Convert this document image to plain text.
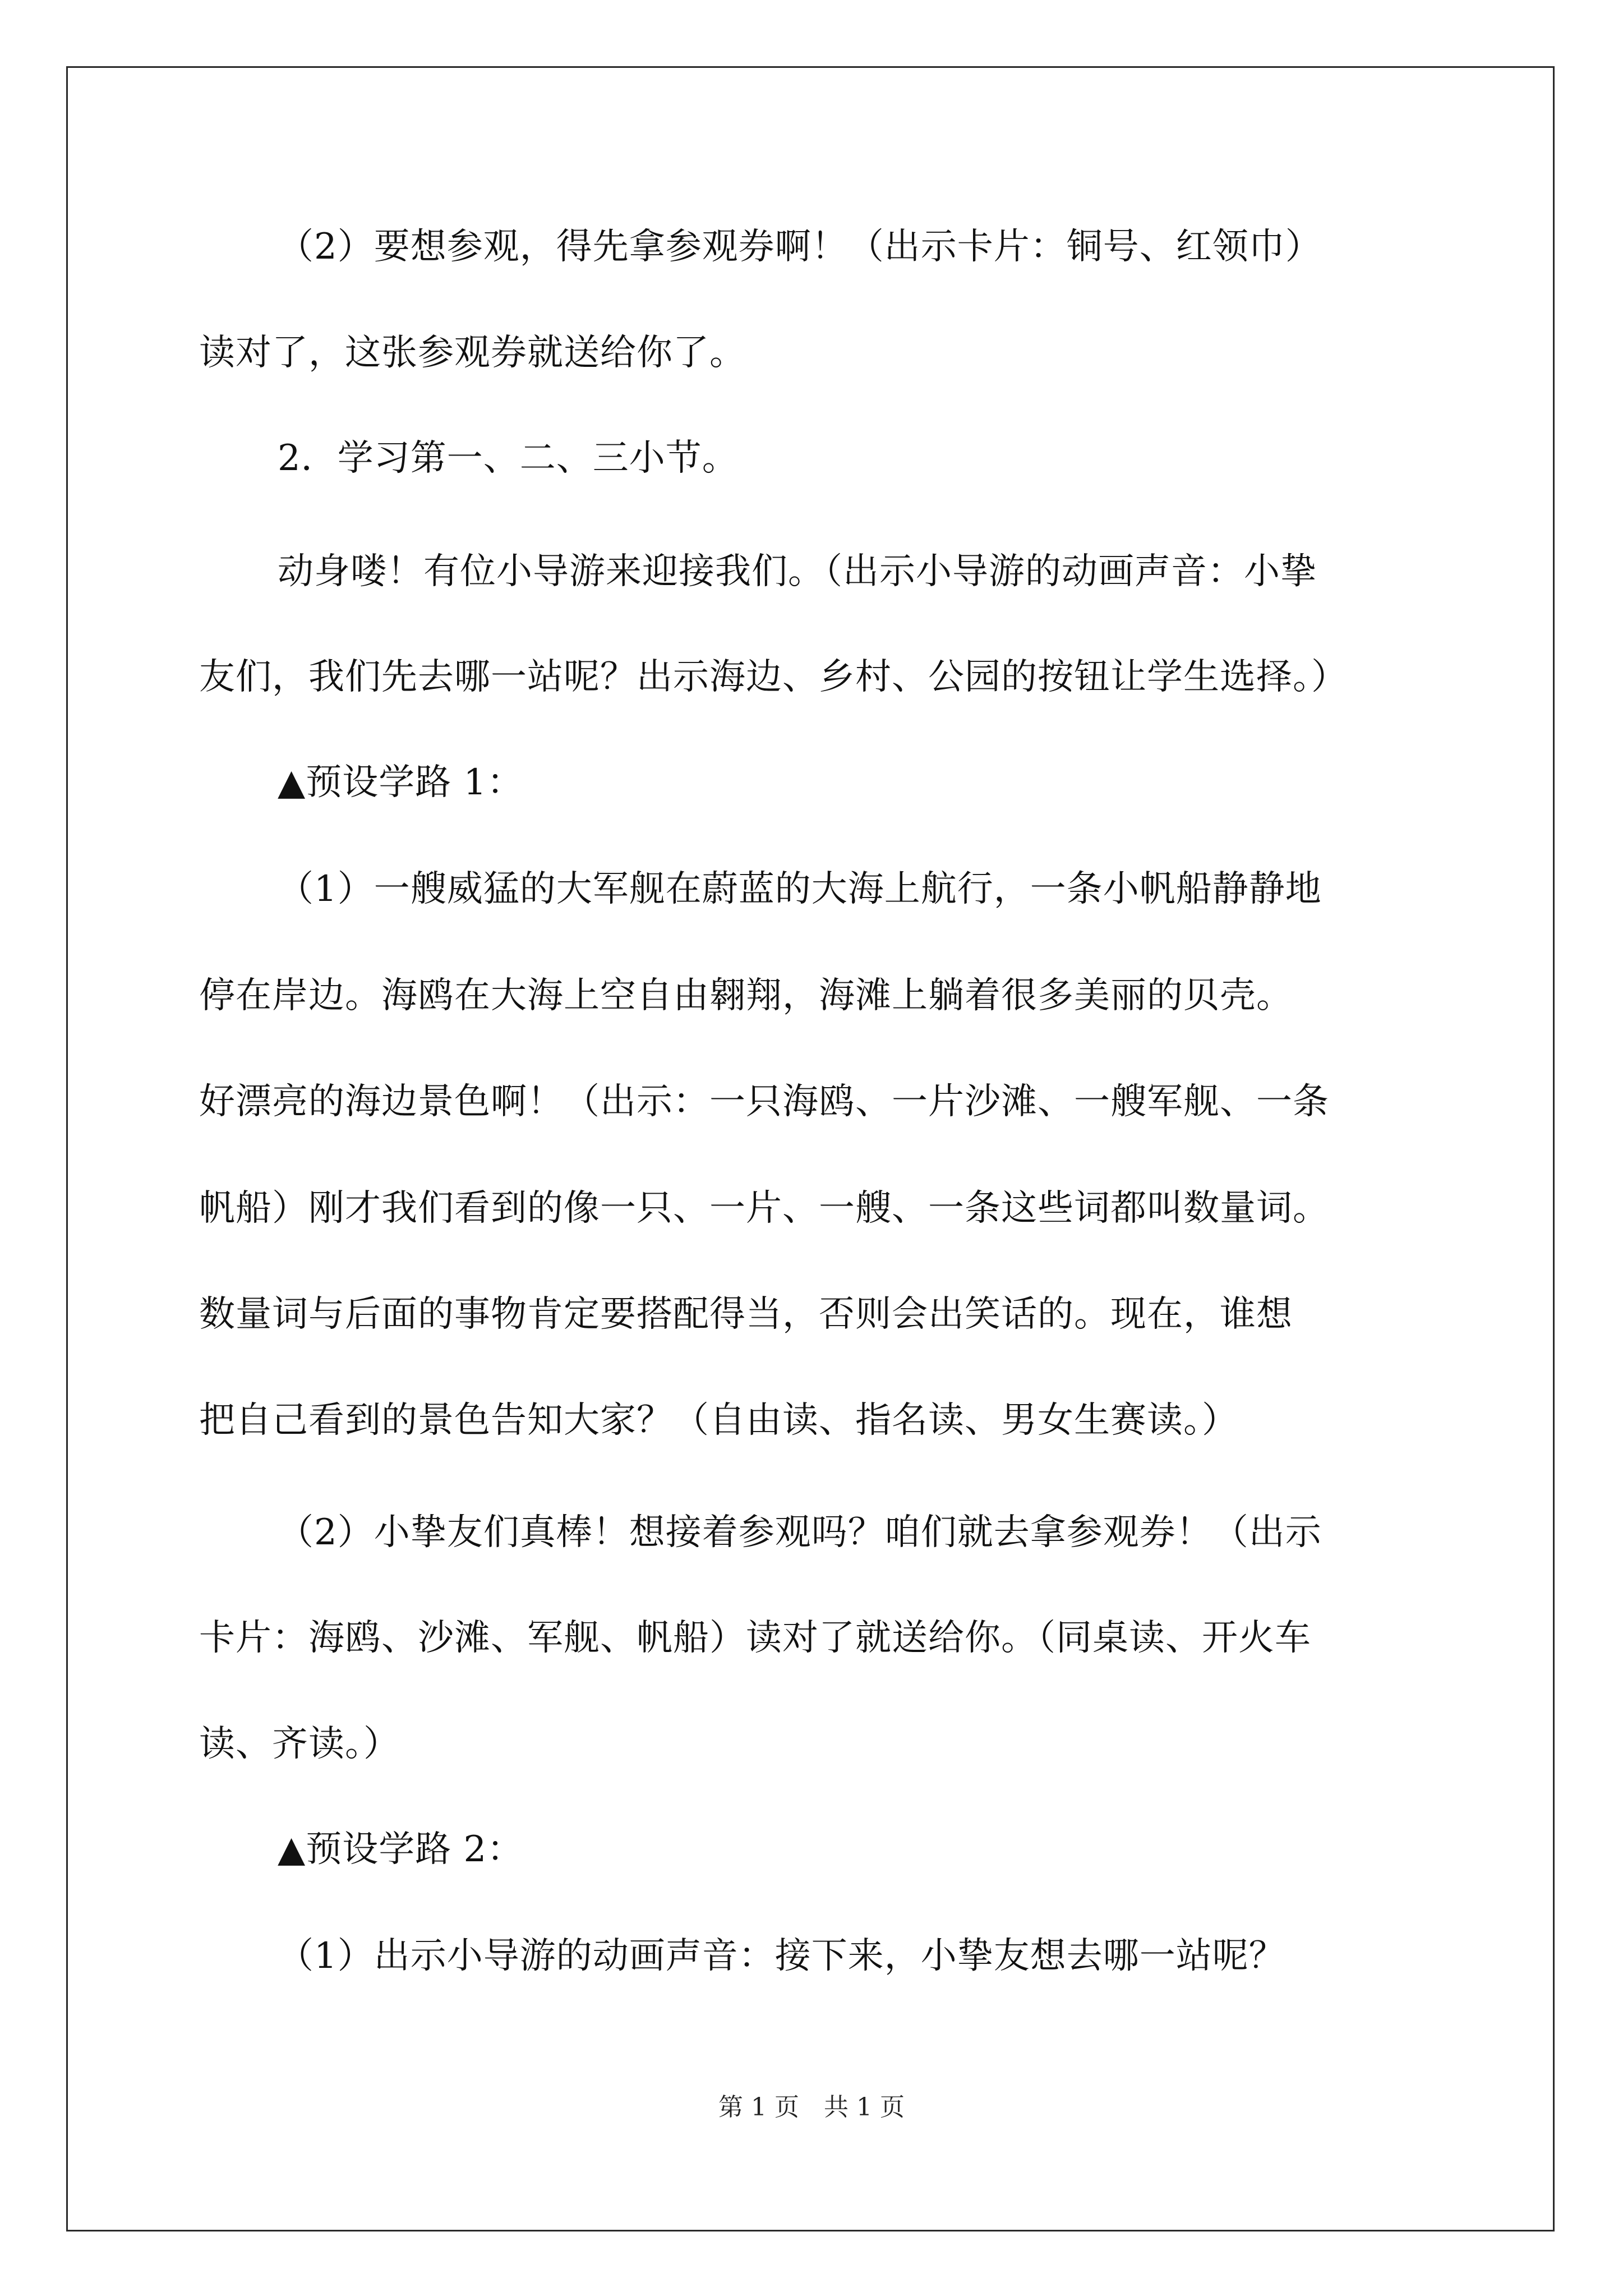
（2）要想参观，得先拿参观券啊！（出示卡片：铜号、红领巾）
读对了，这张参观券就送给你了。
2．学习第一、二、三小节。
动身喽！有位小导游来迎接我们。（出示小导游的动画声音：小挚
友们，我们先去哪一站呢？出示海边、乡村、公园的按钮让学生选择。）
▲预设学路 1：
（1）一艘威猛的大军舰在蔚蓝的大海上航行，一条小帆船静静地
停在岸边。海鸥在大海上空自由翱翔，海滩上躺着很多美丽的贝壳。
好漂亮的海边景色啊！（出示：一只海鸥、一片沙滩、一艘军舰、一条
帆船）刚才我们看到的像一只、一片、一艘、一条这些词都叫数量词。
数量词与后面的事物肯定要搭配得当，否则会出笑话的。现在，谁想
把自己看到的景色告知大家？（自由读、指名读、男女生赛读。）
（2）小挚友们真棒！想接着参观吗？咱们就去拿参观券！（出示
卡片：海鸥、沙滩、军舰、帆船）读对了就送给你。（同桌读、开火车
读、齐读。）
▲预设学路 2：
（1）出示小导游的动画声音：接下来，小挚友想去哪一站呢？
第 1 页　共 1 页
